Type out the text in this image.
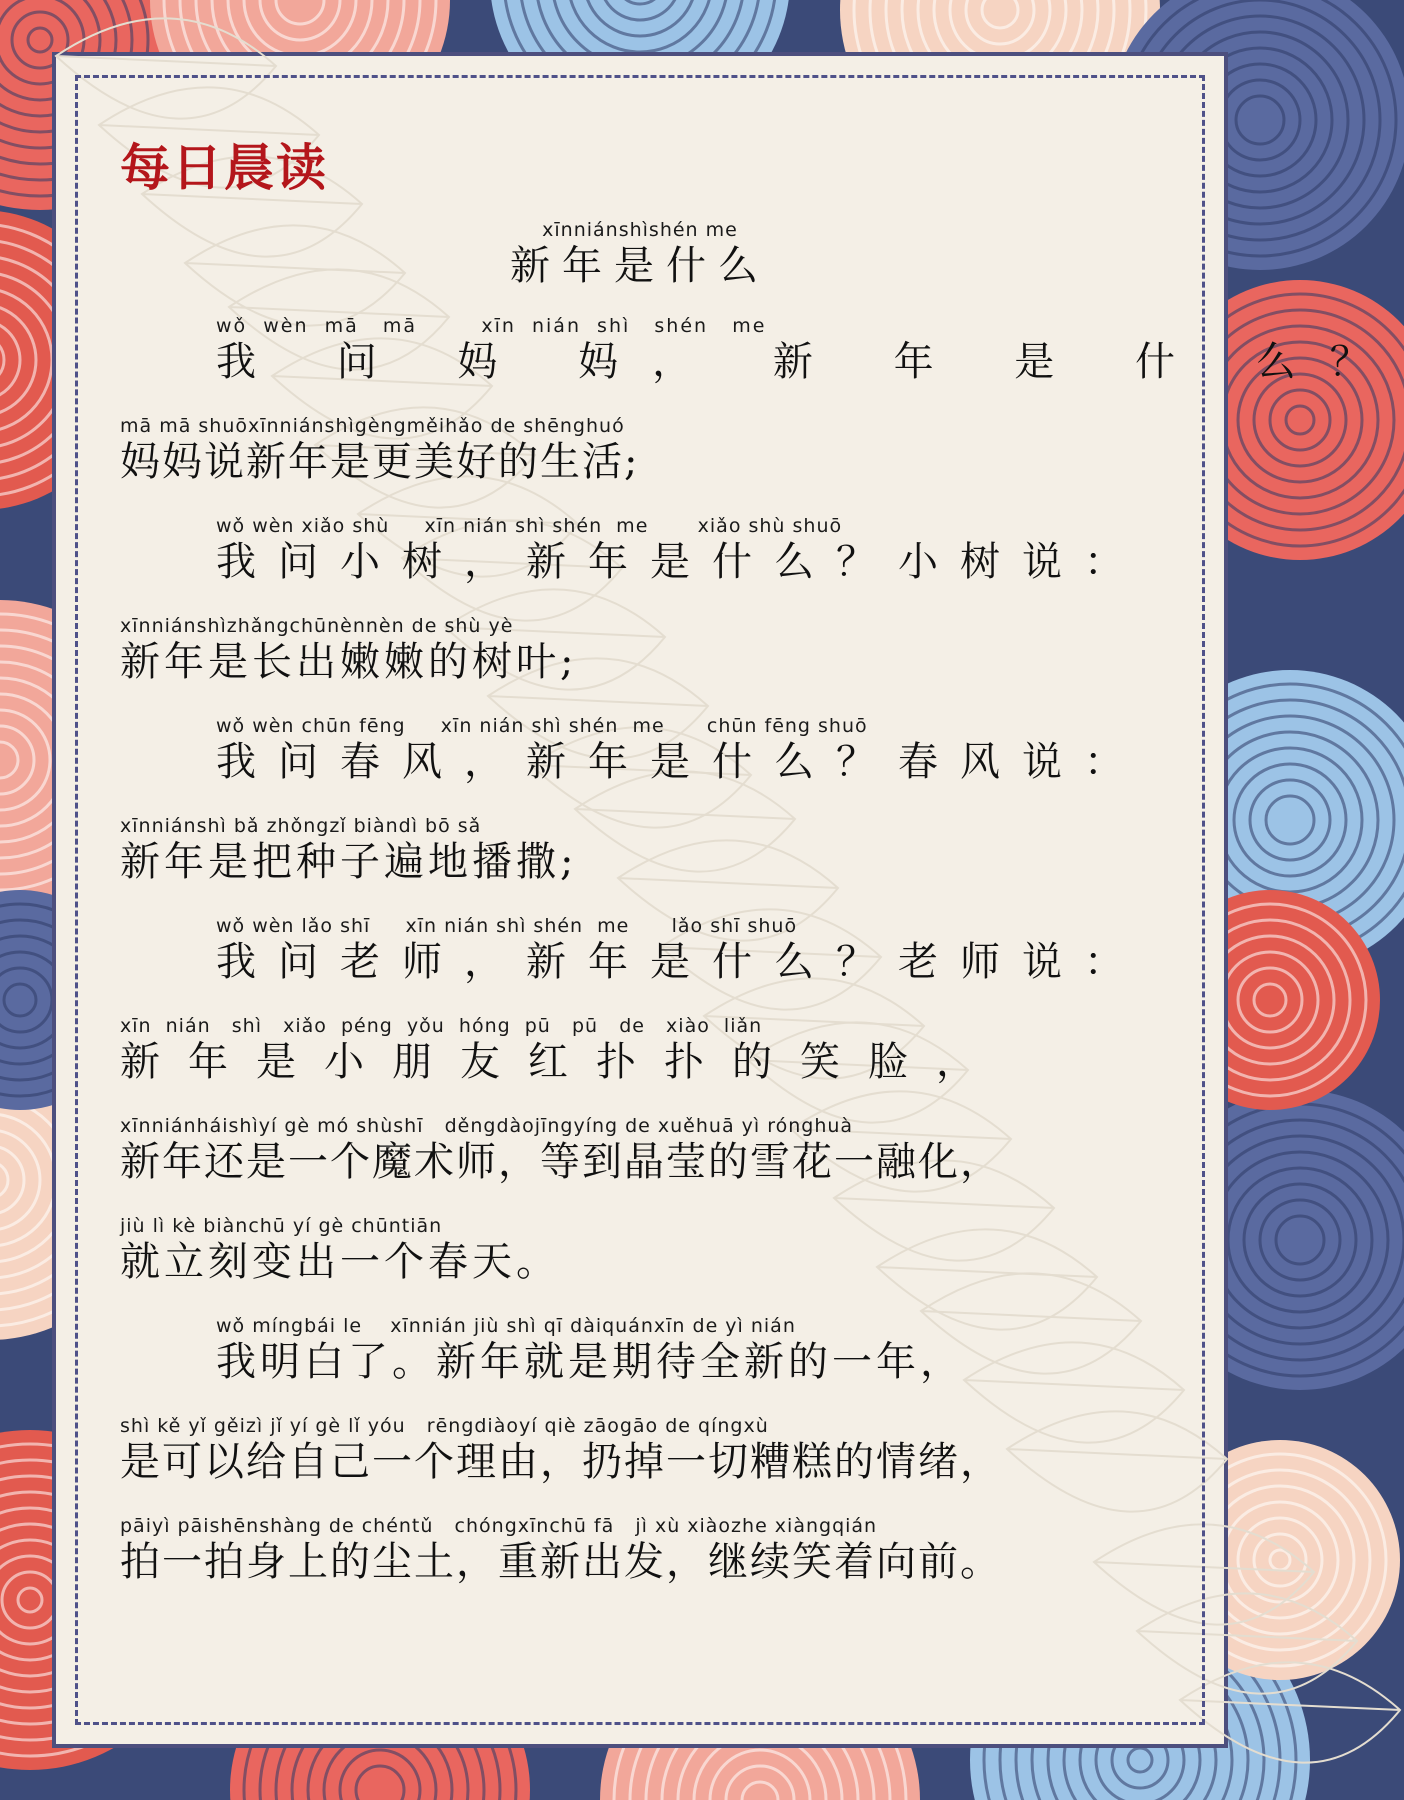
每日晨读
xīnniánshìshén me
新年是什么
wǒ  wèn  mā   mā        xīn  nián  shì   shén   me
我 问 妈 妈， 新 年 是 什 么？
mā mā shuōxīnniánshìgèngměihǎo de shēnghuó
妈妈说新年是更美好的生活;
wǒ wèn xiǎo shù     xīn nián shì shén  me       xiǎo shù shuō
我问小树，新年是什么？小树说：
xīnniánshìzhǎngchūnènnèn de shù yè
新年是长出嫩嫩的树叶;
wǒ wèn chūn fēng     xīn nián shì shén  me      chūn fēng shuō
我问春风，新年是什么？春风说：
xīnniánshì bǎ zhǒngzǐ biàndì bō sǎ
新年是把种子遍地播撒;
wǒ wèn lǎo shī     xīn nián shì shén  me      lǎo shī shuō
我问老师，新年是什么？老师说：
xīn  nián   shì   xiǎo  péng  yǒu  hóng  pū   pū   de   xiào  liǎn
新年是小朋友红扑扑的笑脸，
xīnniánháishìyí gè mó shùshī   děngdàojīngyíng de xuěhuā yì rónghuà
新年还是一个魔术师，等到晶莹的雪花一融化，
jiù lì kè biànchū yí gè chūntiān
就立刻变出一个春天。
wǒ míngbái le    xīnnián jiù shì qī dàiquánxīn de yì nián
我明白了。新年就是期待全新的一年，
shì kě yǐ gěizì jǐ yí gè lǐ yóu   rēngdiàoyí qiè zāogāo de qíngxù
是可以给自己一个理由，扔掉一切糟糕的情绪，
pāiyì pāishēnshàng de chéntǔ   chóngxīnchū fā   jì xù xiàozhe xiàngqián
拍一拍身上的尘土，重新出发，继续笑着向前。
